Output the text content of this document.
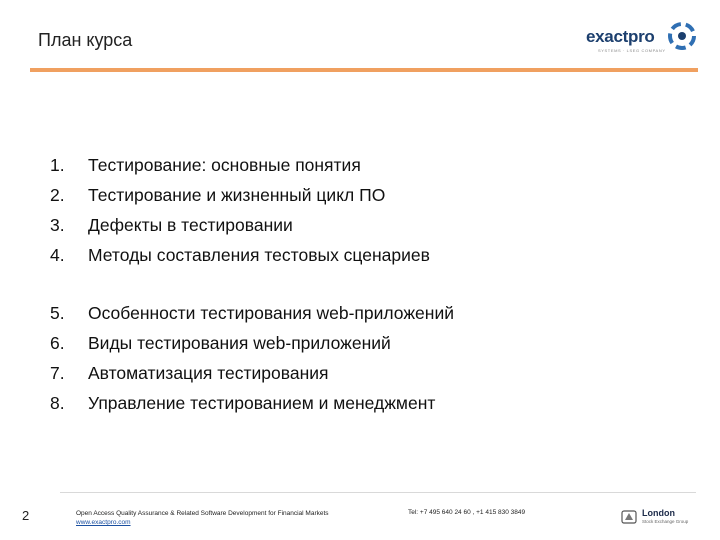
План курса	exactpro
SYSTEMS · LSEG COMPANY
1.	Тестирование: основные понятия
2.	Тестирование и жизненный цикл ПО
3.	Дефекты в тестировании
4.	Методы составления тестовых сценариев
5.	Особенности тестирования web-приложений
6.	Виды тестирования web-приложений
7.	Автоматизация тестирования
8.	Управление тестированием и менеджмент
2	Open Access Quality Assurance & Related Software Development for Financial Markets
www.exactpro.com
Tel: +7 495 640 24 60 , +1 415 830 3849	London
Stock Exchange Group
